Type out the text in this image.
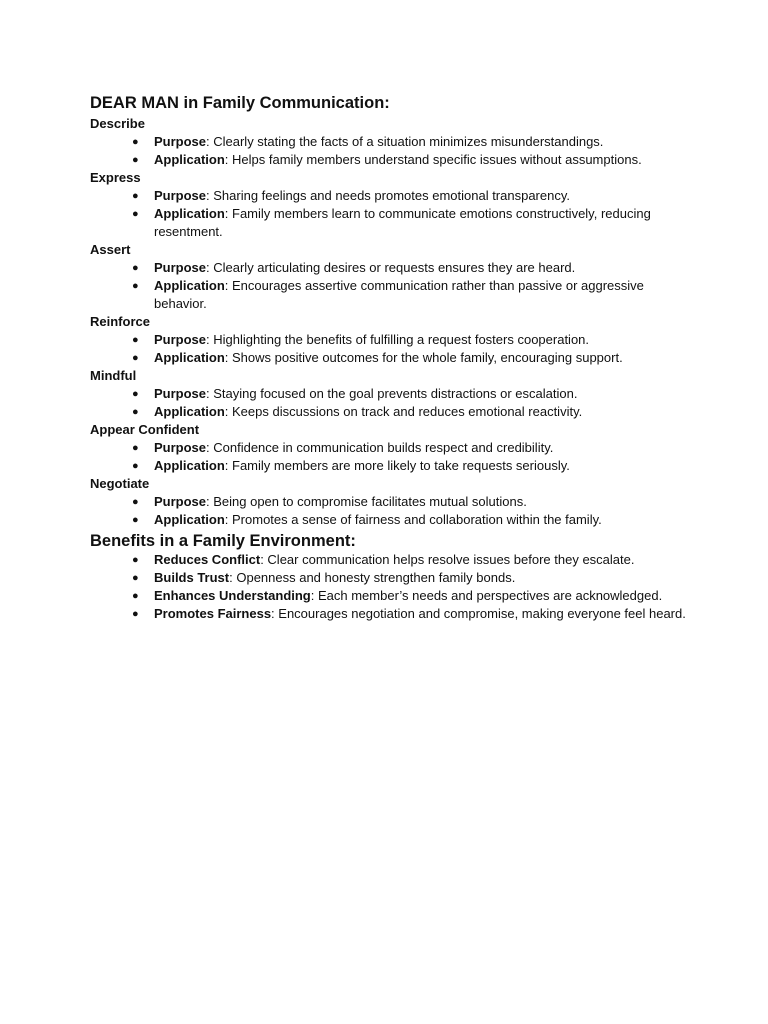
DEAR MAN in Family Communication:
Describe
● Purpose: Clearly stating the facts of a situation minimizes misunderstandings.
● Application: Helps family members understand specific issues without assumptions.
Express
● Purpose: Sharing feelings and needs promotes emotional transparency.
● Application: Family members learn to communicate emotions constructively, reducing resentment.
Assert
● Purpose: Clearly articulating desires or requests ensures they are heard.
● Application: Encourages assertive communication rather than passive or aggressive behavior.
Reinforce
● Purpose: Highlighting the benefits of fulfilling a request fosters cooperation.
● Application: Shows positive outcomes for the whole family, encouraging support.
Mindful
● Purpose: Staying focused on the goal prevents distractions or escalation.
● Application: Keeps discussions on track and reduces emotional reactivity.
Appear Confident
● Purpose: Confidence in communication builds respect and credibility.
● Application: Family members are more likely to take requests seriously.
Negotiate
● Purpose: Being open to compromise facilitates mutual solutions.
● Application: Promotes a sense of fairness and collaboration within the family.
Benefits in a Family Environment:
● Reduces Conflict: Clear communication helps resolve issues before they escalate.
● Builds Trust: Openness and honesty strengthen family bonds.
● Enhances Understanding: Each member’s needs and perspectives are acknowledged.
● Promotes Fairness: Encourages negotiation and compromise, making everyone feel heard.
